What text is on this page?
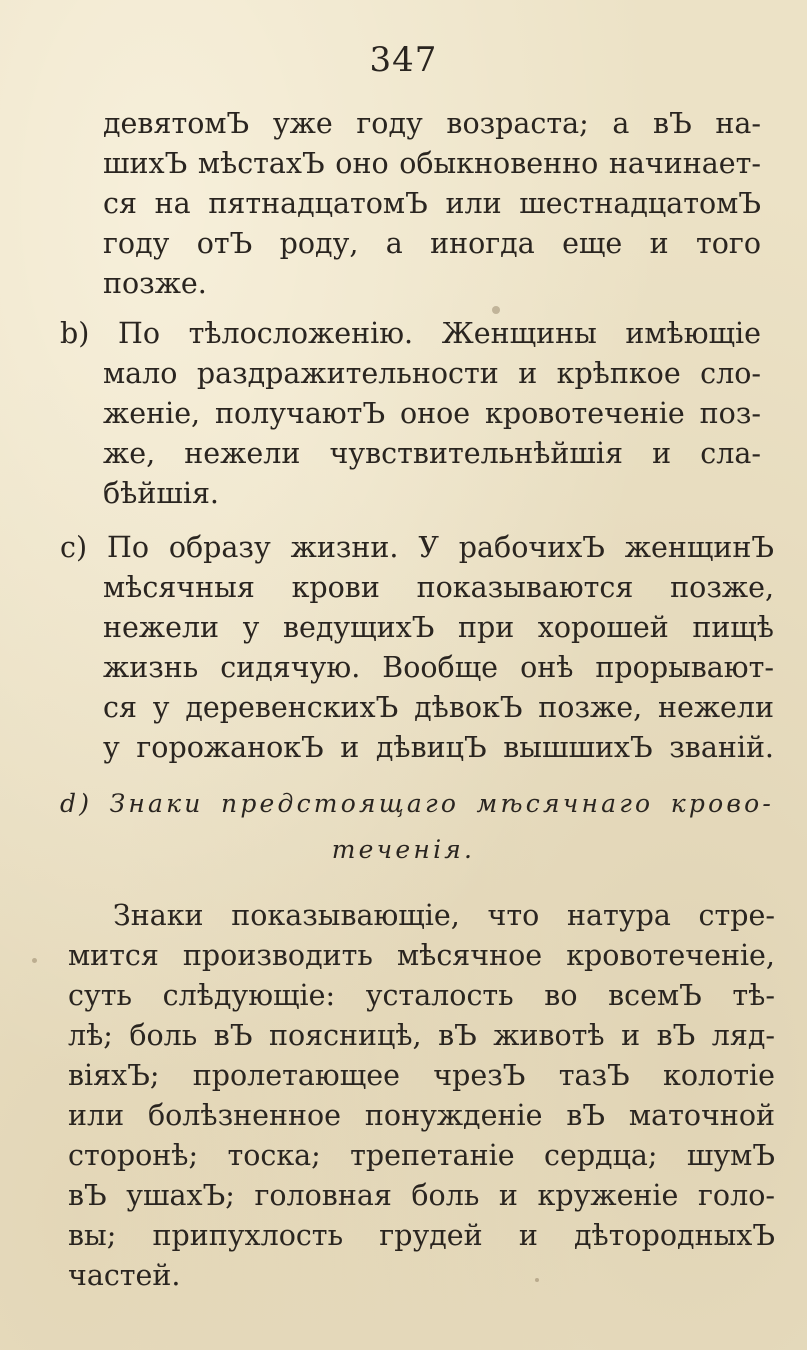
347
девятомЪ уже году возраста; а вЪ на-
шихЪ мѣстахЪ оно обыкновенно начинает-
ся на пятнадцатомЪ или шестнадцатомЪ
году отЪ роду, а иногда еще и того
позже.
b) По тѣлосложенію. Женщины имѣющіе
мало раздражительности и крѣпкое сло-
женіе, получаютЪ оное кровотеченіе поз-
же, нежели чувствительнѣйшія и сла-
бѣйшія.
c) По образу жизни. У рабочихЪ женщинЪ
мѣсячныя крови показываются позже,
нежели у ведущихЪ при хорошей пищѣ
жизнь сидячую. Вообще онѣ прорывают-
ся у деревенскихЪ дѣвокЪ позже, нежели
у горожанокЪ и дѣвицЪ вышшихЪ званій.
d) Знаки предстоящаго мѣсячнаго крово-
теченія.
Знаки показывающіе, что натура стре-
мится производить мѣсячное кровотеченіе,
суть слѣдующіе: усталость во всемЪ тѣ-
лѣ; боль вЪ поясницѣ, вЪ животѣ и вЪ ляд-
віяхЪ; пролетающее чрезЪ тазЪ колотіе
или болѣзненное понужденіе вЪ маточной
сторонѣ; тоска; трепетаніе сердца; шумЪ
вЪ ушахЪ; головная боль и круженіе голо-
вы; припухлость грудей и дѣтородныхЪ
частей.
